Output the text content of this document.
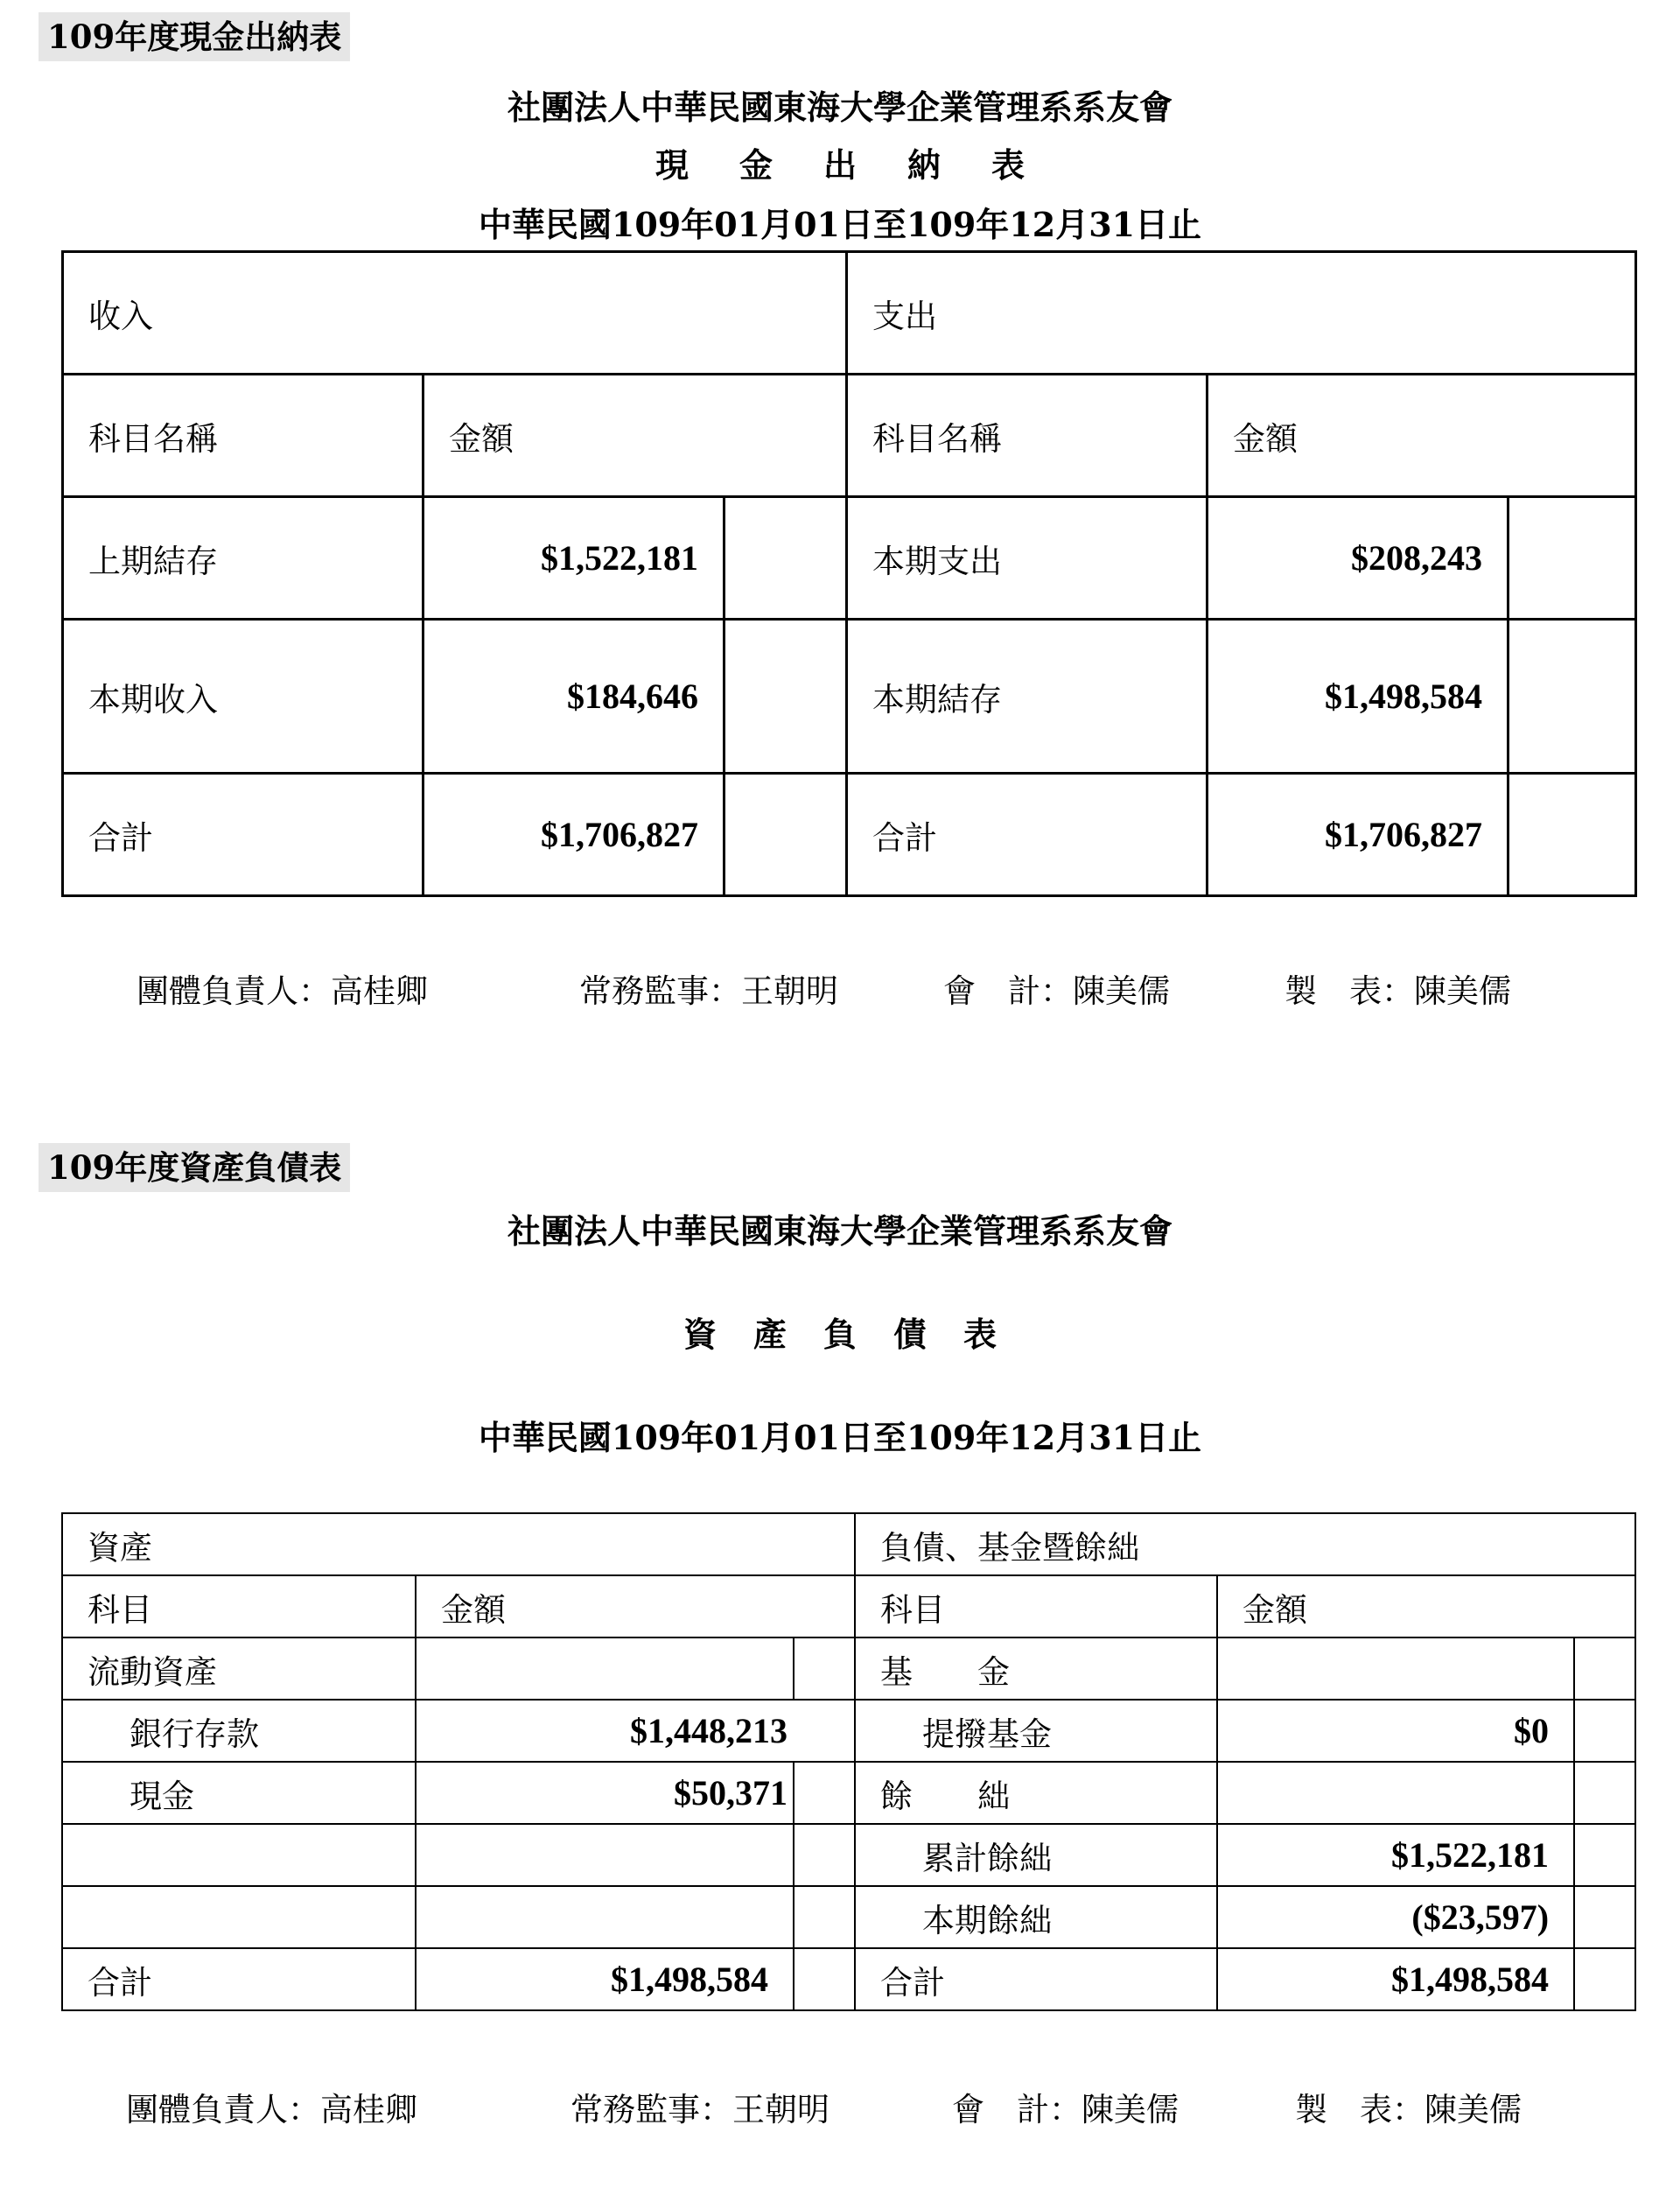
109年度現金出納表
社團法人中華民國東海大學企業管理系系友會
現金出納表
中華民國109年01月01日至109年12月31日止
收入			支出		
科目名稱	金額		科目名稱	金額	
上期結存	$1,522,181		本期支出	$208,243	
本期收入	$184,646		本期結存	$1,498,584	
合計	$1,706,827		合計	$1,706,827	
團體負責人：高桂卿	常務監事：王朝明	會　計：陳美儒	製　表：陳美儒
109年度資產負債表
社團法人中華民國東海大學企業管理系系友會
資產負債表
中華民國109年01月01日至109年12月31日止
資產			負債、基金暨餘絀		
科目	金額		科目	金額	
流動資產			基　　金		
銀行存款	$1,448,213		提撥基金	$0	
現金	$50,371		餘　　絀		
			累計餘絀	$1,522,181	
			本期餘絀	($23,597)	
合計	$1,498,584		合計	$1,498,584	
團體負責人：高桂卿	常務監事：王朝明	會　計：陳美儒	製　表：陳美儒
